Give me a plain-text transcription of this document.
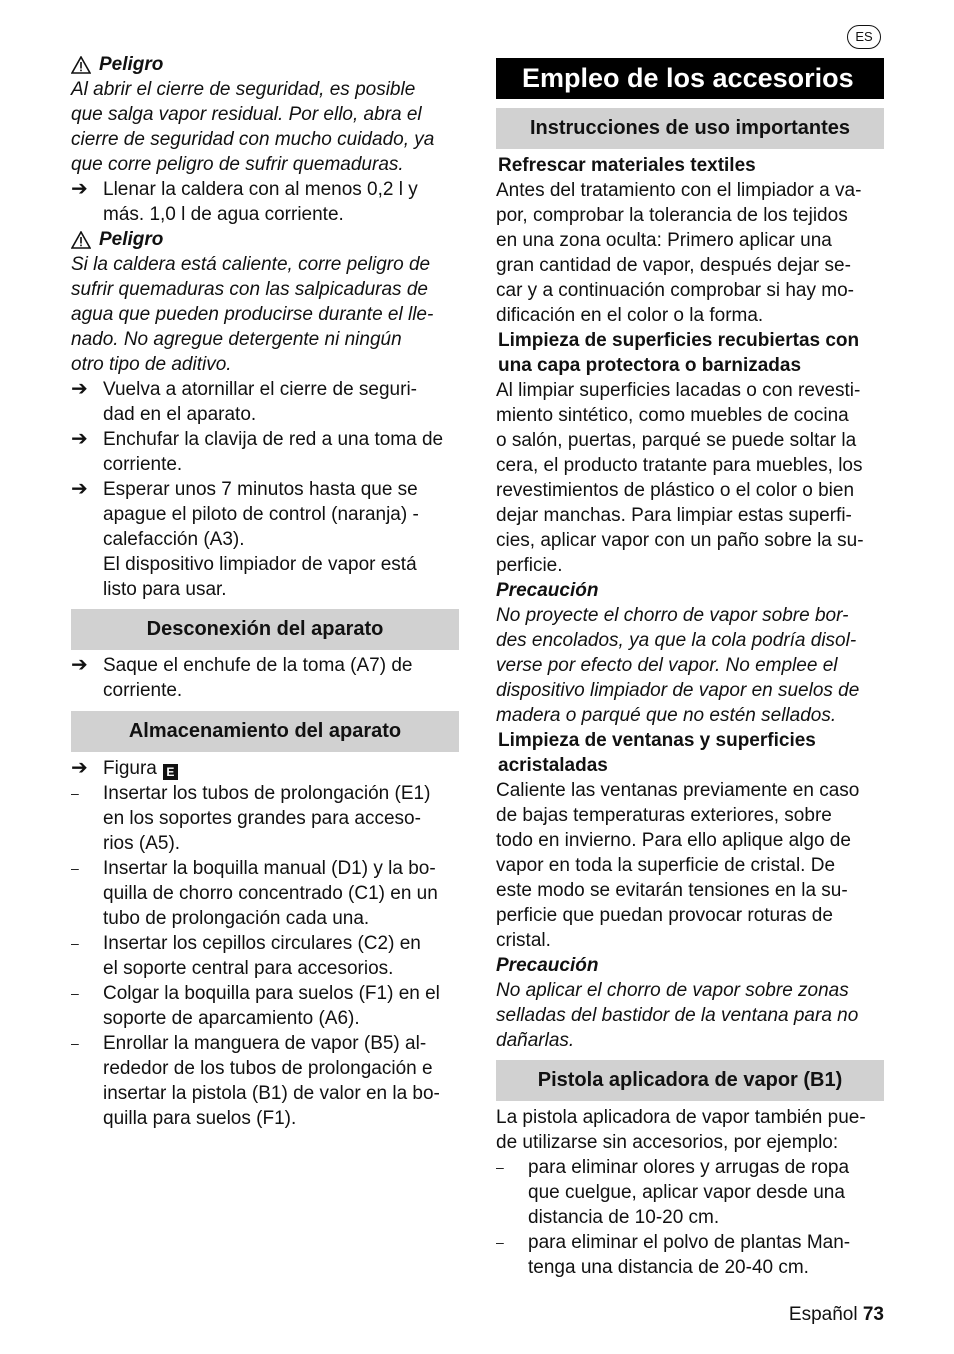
ES
Peligro
Al abrir el cierre de seguridad, es posible
que salga vapor residual. Por ello, abra el
cierre de seguridad con mucho cuidado, ya
que corre peligro de sufrir quemaduras.
➔ Llenar la caldera con al menos 0,2 l y
más. 1,0 l de agua corriente.
Peligro
Si la caldera está caliente, corre peligro de
sufrir quemaduras con las salpicaduras de
agua que pueden producirse durante el lle-
nado. No agregue detergente ni ningún
otro tipo de aditivo.
➔ Vuelva a atornillar el cierre de seguri-
dad en el aparato.
➔ Enchufar la clavija de red a una toma de
corriente.
➔ Esperar unos 7 minutos hasta que se
apague el piloto de control (naranja) -
calefacción (A3).
El dispositivo limpiador de vapor está
listo para usar.
Desconexión del aparato
➔ Saque el enchufe de la toma (A7) de
corriente.
Almacenamiento del aparato
➔ Figura E
–	Insertar los tubos de prolongación (E1)
en los soportes grandes para acceso-
rios (A5).
–	Insertar la boquilla manual (D1) y la bo-
quilla de chorro concentrado (C1) en un
tubo de prolongación cada una.
–	Insertar los cepillos circulares (C2) en
el soporte central para accesorios.
–	Colgar la boquilla para suelos (F1) en el
soporte de aparcamiento (A6).
–	Enrollar la manguera de vapor (B5) al-
rededor de los tubos de prolongación e
insertar la pistola (B1) de valor en la bo-
quilla para suelos (F1).
Empleo de los accesorios
Instrucciones de uso importantes
Refrescar materiales textiles
Antes del tratamiento con el limpiador a va-
por, comprobar la tolerancia de los tejidos
en una zona oculta: Primero aplicar una
gran cantidad de vapor, después dejar se-
car y a continuación comprobar si hay mo-
dificación en el color o la forma.
Limpieza de superficies recubiertas con
una capa protectora o barnizadas
Al limpiar superficies lacadas o con revesti-
miento sintético, como muebles de cocina
o salón, puertas, parqué se puede soltar la
cera, el producto tratante para muebles, los
revestimientos de plástico o el color o bien
dejar manchas. Para limpiar estas superfi-
cies, aplicar vapor con un paño sobre la su-
perficie.
Precaución
No proyecte el chorro de vapor sobre bor-
des encolados, ya que la cola podría disol-
verse por efecto del vapor. No emplee el
dispositivo limpiador de vapor en suelos de
madera o parqué que no estén sellados.
Limpieza de ventanas y superficies
acristaladas
Caliente las ventanas previamente en caso
de bajas temperaturas exteriores, sobre
todo en invierno. Para ello aplique algo de
vapor en toda la superficie de cristal. De
este modo se evitarán tensiones en la su-
perficie que puedan provocar roturas de
cristal.
Precaución
No aplicar el chorro de vapor sobre zonas
selladas del bastidor de la ventana para no
dañarlas.
Pistola aplicadora de vapor (B1)
La pistola aplicadora de vapor también pue-
de utilizarse sin accesorios, por ejemplo:
–	para eliminar olores y arrugas de ropa
que cuelgue, aplicar vapor desde una
distancia de 10-20 cm.
–	para eliminar el polvo de plantas Man-
tenga una distancia de 20-40 cm.
Español 73
